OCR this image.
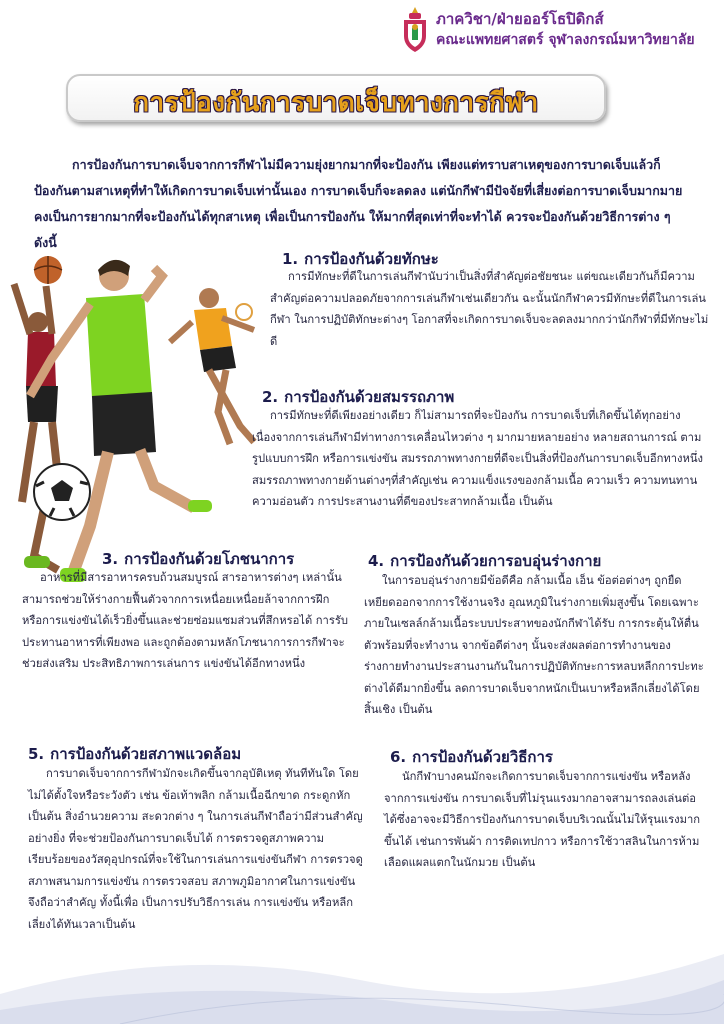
ภาควิชา/ฝ่ายออร์โธปิดิกส์
คณะแพทยศาสตร์ จุฬาลงกรณ์มหาวิทยาลัย
การป้องกันการบาดเจ็บทางการกีฬา
การป้องกันการบาดเจ็บจากการกีฬาไม่มีความยุ่งยากมากที่จะป้องกัน เพียงแต่ทราบสาเหตุของการบาดเจ็บแล้วก็ป้องกันตามสาเหตุที่ทำให้เกิดการบาดเจ็บเท่านั้นเอง การบาดเจ็บก็จะลดลง แต่นักกีฬามีปัจจัยที่เสี่ยงต่อการบาดเจ็บมากมาย คงเป็นการยากมากที่จะป้องกันได้ทุกสาเหตุ เพื่อเป็นการป้องกัน ให้มากที่สุดเท่าที่จะทำได้ ควรจะป้องกันด้วยวิธีการต่าง ๆ ดังนี้
1. การป้องกันด้วยทักษะ
การมีทักษะที่ดีในการเล่นกีฬานับว่าเป็นสิ่งที่สำคัญต่อชัยชนะ แต่ขณะเดียวกันก็มีความสำคัญต่อความปลอดภัยจากการเล่นกีฬาเช่นเดียวกัน ฉะนั้นนักกีฬาควรมีทักษะที่ดีในการเล่นกีฬา ในการปฏิบัติทักษะต่างๆ โอกาสที่จะเกิดการบาดเจ็บจะลดลงมากกว่านักกีฬาที่มีทักษะไม่ดี
2. การป้องกันด้วยสมรรถภาพ
การมีทักษะที่ดีเพียงอย่างเดียว ก็ไม่สามารถที่จะป้องกัน การบาดเจ็บที่เกิดขึ้นได้ทุกอย่าง เนื่องจากการเล่นกีฬามีท่าทางการเคลื่อนไหวต่าง ๆ มากมายหลายอย่าง หลายสถานการณ์ ตามรูปแบบการฝึก หรือการแข่งขัน สมรรถภาพทางกายที่ดีจะเป็นสิ่งที่ป้องกันการบาดเจ็บอีกทางหนึ่ง สมรรถภาพทางกายด้านต่างๆที่สำคัญเช่น ความแข็งแรงของกล้ามเนื้อ ความเร็ว ความทนทาน ความอ่อนตัว การประสานงานที่ดีของประสาทกล้ามเนื้อ เป็นต้น
3. การป้องกันด้วยโภชนาการ
อาหารที่มีสารอาหารครบถ้วนสมบูรณ์ สารอาหารต่างๆ เหล่านั้นสามารถช่วยให้ร่างกายฟื้นตัวจากการเหนื่อยเหนื่อยล้าจากการฝึก หรือการแข่งขันได้เร็วยิ่งขึ้นและช่วยซ่อมแซมส่วนที่สึกหรอได้ การรับประทานอาหารที่เพียงพอ และถูกต้องตามหลักโภชนาการการกีฬาจะช่วยส่งเสริม ประสิทธิภาพการเล่นการ แข่งขันได้อีกทางหนึ่ง
4. การป้องกันด้วยการอบอุ่นร่างกาย
ในการอบอุ่นร่างกายมีข้อดีคือ กล้ามเนื้อ เอ็น ข้อต่อต่างๆ ถูกยืดเหยียดออกจากการใช้งานจริง อุณหภูมิในร่างกายเพิ่มสูงขึ้น โดยเฉพาะภายในเซลล์กล้ามเนื้อระบบประสาทของนักกีฬาได้รับ การกระตุ้นให้ตื่นตัวพร้อมที่จะทำงาน จากข้อดีต่างๆ นั้นจะส่งผลต่อการทำงานของร่างกายทำงานประสานงานกันในการปฏิบัติทักษะการหลบหลีกการปะทะต่างได้ดีมากยิ่งขึ้น ลดการบาดเจ็บจากหนักเป็นเบาหรือหลีกเลี่ยงได้โดยสิ้นเชิง เป็นต้น
5. การป้องกันด้วยสภาพแวดล้อม
การบาดเจ็บจากการกีฬามักจะเกิดขึ้นจากอุบัติเหตุ ทันทีทันใด โดยไม่ได้ตั้งใจหรือระวังตัว เช่น ข้อเท้าพลิก กล้ามเนื้อฉีกขาด กระดูกหัก เป็นต้น สิ่งอำนวยความ สะดวกต่าง ๆ ในการเล่นกีฬาถือว่ามีส่วนสำคัญอย่างยิ่ง ที่จะช่วยป้องกันการบาดเจ็บได้ การตรวจดูสภาพความเรียบร้อยของวัสดุอุปกรณ์ที่จะใช้ในการเล่นการแข่งขันกีฬา การตรวจดูสภาพสนามการแข่งขัน การตรวจสอบ สภาพภูมิอากาศในการแข่งขัน จึงถือว่าสำคัญ ทั้งนี้เพื่อ เป็นการปรับวิธีการเล่น การแข่งขัน หรือหลีกเลี่ยงได้ทันเวลาเป็นต้น
6. การป้องกันด้วยวิธีการ
นักกีฬาบางคนมักจะเกิดการบาดเจ็บจากการแข่งขัน หรือหลังจากการแข่งขัน การบาดเจ็บที่ไม่รุนแรงมากอาจสามารถลงเล่นต่อได้ซึ่งอาจจะมีวิธีการป้องกันการบาดเจ็บบริเวณนั้นไม่ให้รุนแรงมากขึ้นได้ เช่นการพันผ้า การติดเทปกาว หรือการใช้วาสลินในการห้ามเลือดแผลแตกในนักมวย เป็นต้น
